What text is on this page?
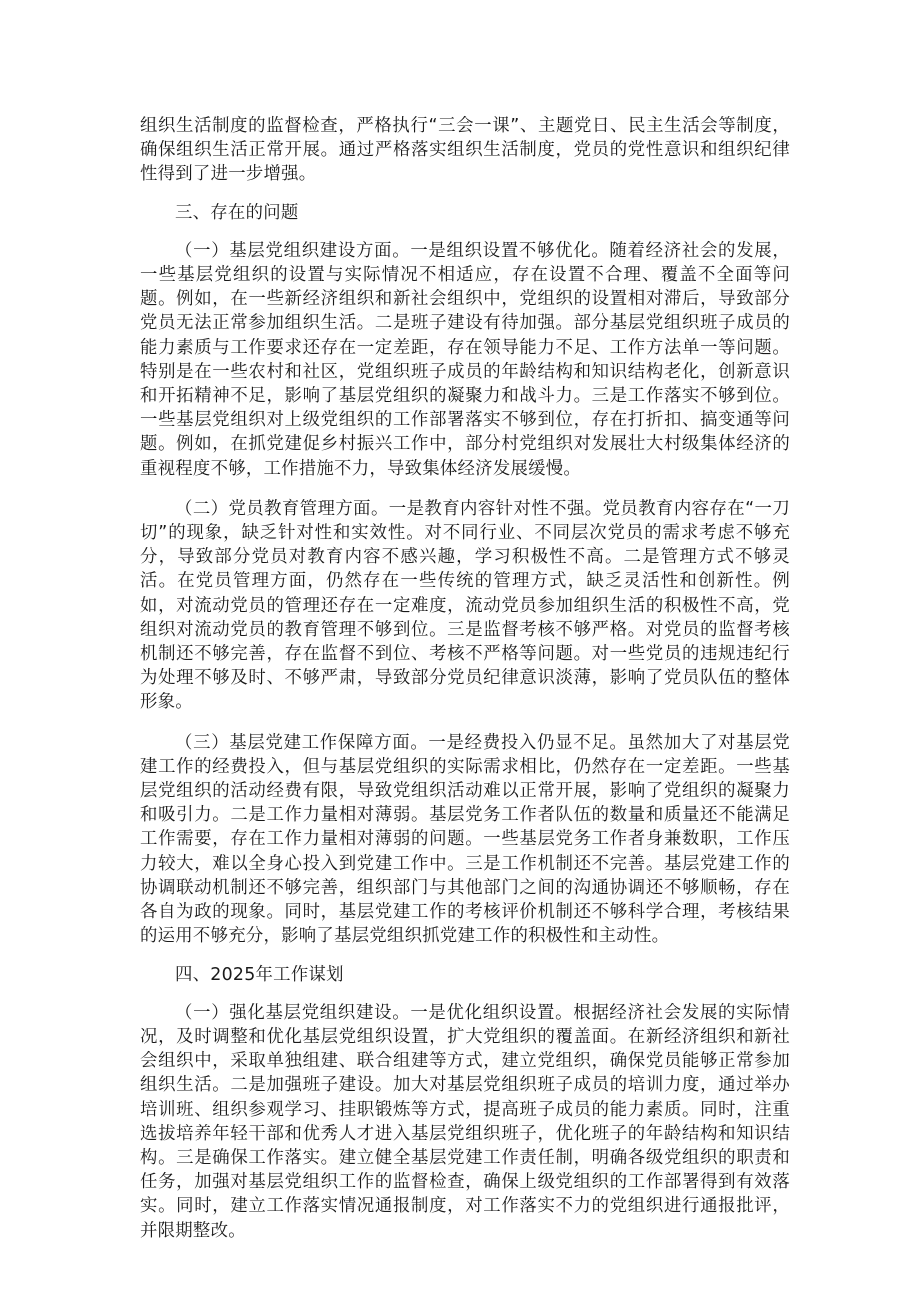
组织生活制度的监督检查，严格执行“三会一课”、主题党日、民主生活会等制度，确保组织生活正常开展。通过严格落实组织生活制度，党员的党性意识和组织纪律性得到了进一步增强。

三、存在的问题

（一）基层党组织建设方面。一是组织设置不够优化。随着经济社会的发展，一些基层党组织的设置与实际情况不相适应，存在设置不合理、覆盖不全面等问题。例如，在一些新经济组织和新社会组织中，党组织的设置相对滞后，导致部分党员无法正常参加组织生活。二是班子建设有待加强。部分基层党组织班子成员的能力素质与工作要求还存在一定差距，存在领导能力不足、工作方法单一等问题。特别是在一些农村和社区，党组织班子成员的年龄结构和知识结构老化，创新意识和开拓精神不足，影响了基层党组织的凝聚力和战斗力。三是工作落实不够到位。一些基层党组织对上级党组织的工作部署落实不够到位，存在打折扣、搞变通等问题。例如，在抓党建促乡村振兴工作中，部分村党组织对发展壮大村级集体经济的重视程度不够，工作措施不力，导致集体经济发展缓慢。

（二）党员教育管理方面。一是教育内容针对性不强。党员教育内容存在“一刀切”的现象，缺乏针对性和实效性。对不同行业、不同层次党员的需求考虑不够充分，导致部分党员对教育内容不感兴趣，学习积极性不高。二是管理方式不够灵活。在党员管理方面，仍然存在一些传统的管理方式，缺乏灵活性和创新性。例如，对流动党员的管理还存在一定难度，流动党员参加组织生活的积极性不高，党组织对流动党员的教育管理不够到位。三是监督考核不够严格。对党员的监督考核机制还不够完善，存在监督不到位、考核不严格等问题。对一些党员的违规违纪行为处理不够及时、不够严肃，导致部分党员纪律意识淡薄，影响了党员队伍的整体形象。

（三）基层党建工作保障方面。一是经费投入仍显不足。虽然加大了对基层党建工作的经费投入，但与基层党组织的实际需求相比，仍然存在一定差距。一些基层党组织的活动经费有限，导致党组织活动难以正常开展，影响了党组织的凝聚力和吸引力。二是工作力量相对薄弱。基层党务工作者队伍的数量和质量还不能满足工作需要，存在工作力量相对薄弱的问题。一些基层党务工作者身兼数职，工作压力较大，难以全身心投入到党建工作中。三是工作机制还不完善。基层党建工作的协调联动机制还不够完善，组织部门与其他部门之间的沟通协调还不够顺畅，存在各自为政的现象。同时，基层党建工作的考核评价机制还不够科学合理，考核结果的运用不够充分，影响了基层党组织抓党建工作的积极性和主动性。

四、2025年工作谋划

（一）强化基层党组织建设。一是优化组织设置。根据经济社会发展的实际情况，及时调整和优化基层党组织设置，扩大党组织的覆盖面。在新经济组织和新社会组织中，采取单独组建、联合组建等方式，建立党组织，确保党员能够正常参加组织生活。二是加强班子建设。加大对基层党组织班子成员的培训力度，通过举办培训班、组织参观学习、挂职锻炼等方式，提高班子成员的能力素质。同时，注重选拔培养年轻干部和优秀人才进入基层党组织班子，优化班子的年龄结构和知识结构。三是确保工作落实。建立健全基层党建工作责任制，明确各级党组织的职责和任务，加强对基层党组织工作的监督检查，确保上级党组织的工作部署得到有效落实。同时，建立工作落实情况通报制度，对工作落实不力的党组织进行通报批评，并限期整改。
